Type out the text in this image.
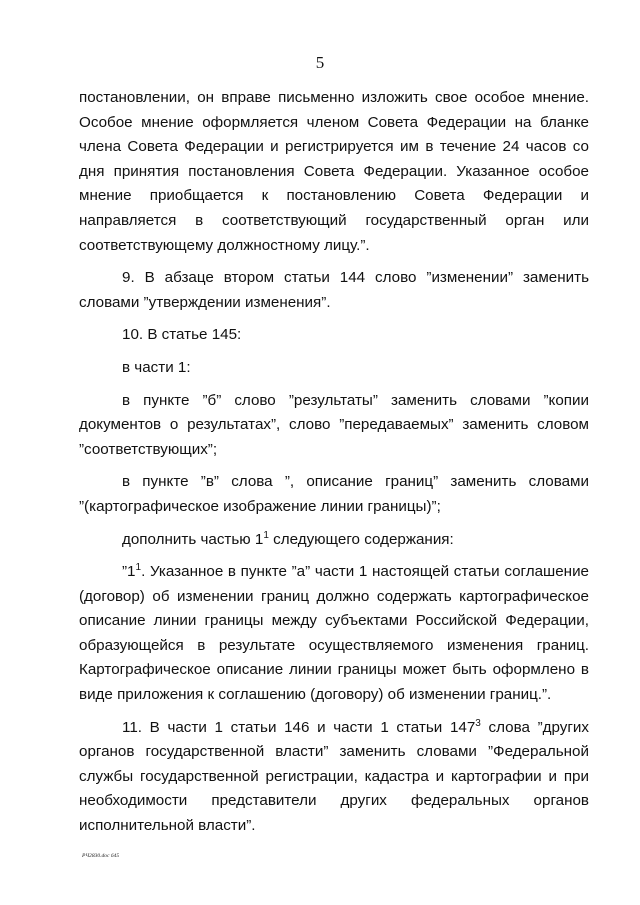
5

постановлении, он вправе письменно изложить свое особое мнение. Особое мнение оформляется членом Совета Федерации на бланке члена Совета Федерации и регистрируется им в течение 24 часов со дня принятия постановления Совета Федерации. Указанное особое мнение приобщается к постановлению Совета Федерации и направляется в соответствующий государственный орган или соответствующему должностному лицу.”.

9. В абзаце втором статьи 144 слово ”изменении” заменить словами ”утверждении изменения”.

10. В статье 145:

в части 1:

в пункте ”б” слово ”результаты” заменить словами ”копии документов о результатах”, слово ”передаваемых” заменить словом ”соответствующих”;

в пункте ”в” слова ”, описание границ” заменить словами ”(картографическое изображение линии границы)”;

дополнить частью $1^1$ следующего содержания:

$”1^1$. Указанное в пункте ”а” части 1 настоящей статьи соглашение (договор) об изменении границ должно содержать картографическое описание линии границы между субъектами Российской Федерации, образующейся в результате осуществляемого изменения границ. Картографическое описание линии границы может быть оформлено в виде приложения к соглашению (договору) об изменении границ.”.

11. В части 1 статьи 146 и части 1 статьи $147^3$ слова ”других органов государственной власти” заменить словами ”Федеральной службы государственной регистрации, кадастра и картографии и при необходимости представители других федеральных органов исполнительной власти”.

РЧ2830.doc 645
